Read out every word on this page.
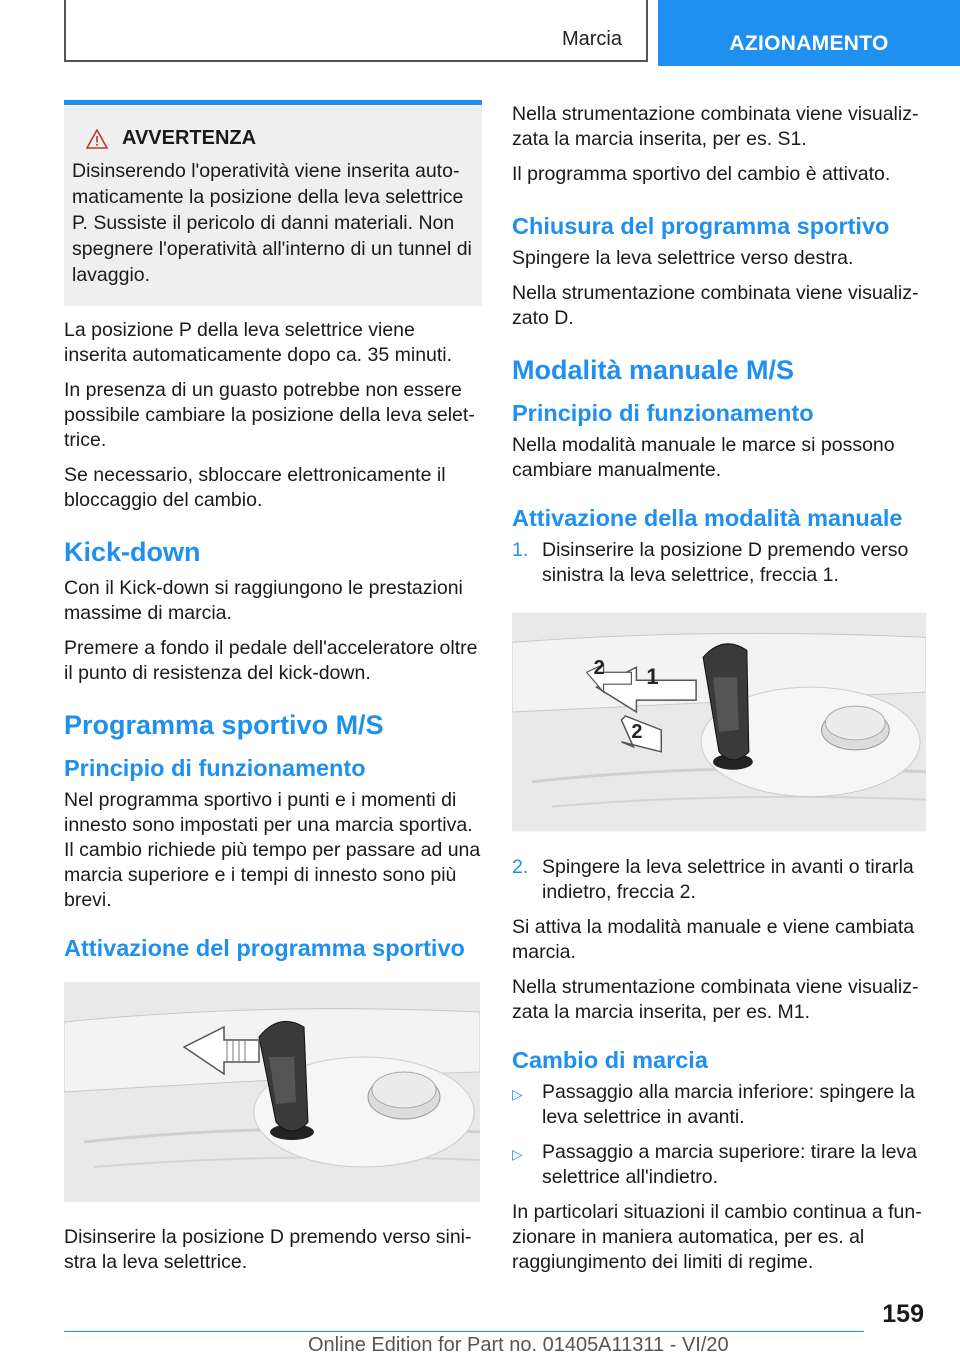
Marcia	AZIONAMENTO
AVVERTENZA

Disinserendo l'operatività viene inserita automaticamente la posizione della leva selettrice P. Sussiste il pericolo di danni materiali. Non spegnere l'operatività all'interno di un tunnel di lavaggio.

La posizione P della leva selettrice viene inserita automaticamente dopo ca. 35 minuti.

In presenza di un guasto potrebbe non essere possibile cambiare la posizione della leva selettrice.

Se necessario, sbloccare elettronicamente il bloccaggio del cambio.

Kick-down

Con il Kick-down si raggiungono le prestazioni massime di marcia.

Premere a fondo il pedale dell'acceleratore oltre il punto di resistenza del kick-down.

Programma sportivo M/S
Principio di funzionamento

Nel programma sportivo i punti e i momenti di innesto sono impostati per una marcia sportiva. Il cambio richiede più tempo per passare ad una marcia superiore e i tempi di innesto sono più brevi.

Attivazione del programma sportivo

Disinserire la posizione D premendo verso sinistra la leva selettrice.

Nella strumentazione combinata viene visualizzata la marcia inserita, per es. S1.

Il programma sportivo del cambio è attivato.

Chiusura del programma sportivo

Spingere la leva selettrice verso destra.

Nella strumentazione combinata viene visualizzato D.

Modalità manuale M/S
Principio di funzionamento

Nella modalità manuale le marce si possono cambiare manualmente.

Attivazione della modalità manuale
1. Disinserire la posizione D premendo verso sinistra la leva selettrice, freccia 1.
1
2
2
2. Spingere la leva selettrice in avanti o tirarla indietro, freccia 2.

Si attiva la modalità manuale e viene cambiata marcia.

Nella strumentazione combinata viene visualizzata la marcia inserita, per es. M1.

Cambio di marcia
▷ Passaggio alla marcia inferiore: spingere la leva selettrice in avanti.
▷ Passaggio a marcia superiore: tirare la leva selettrice all'indietro.

In particolari situazioni il cambio continua a funzionare in maniera automatica, per es. al raggiungimento dei limiti di regime.

159
Online Edition for Part no. 01405A11311 - VI/20
